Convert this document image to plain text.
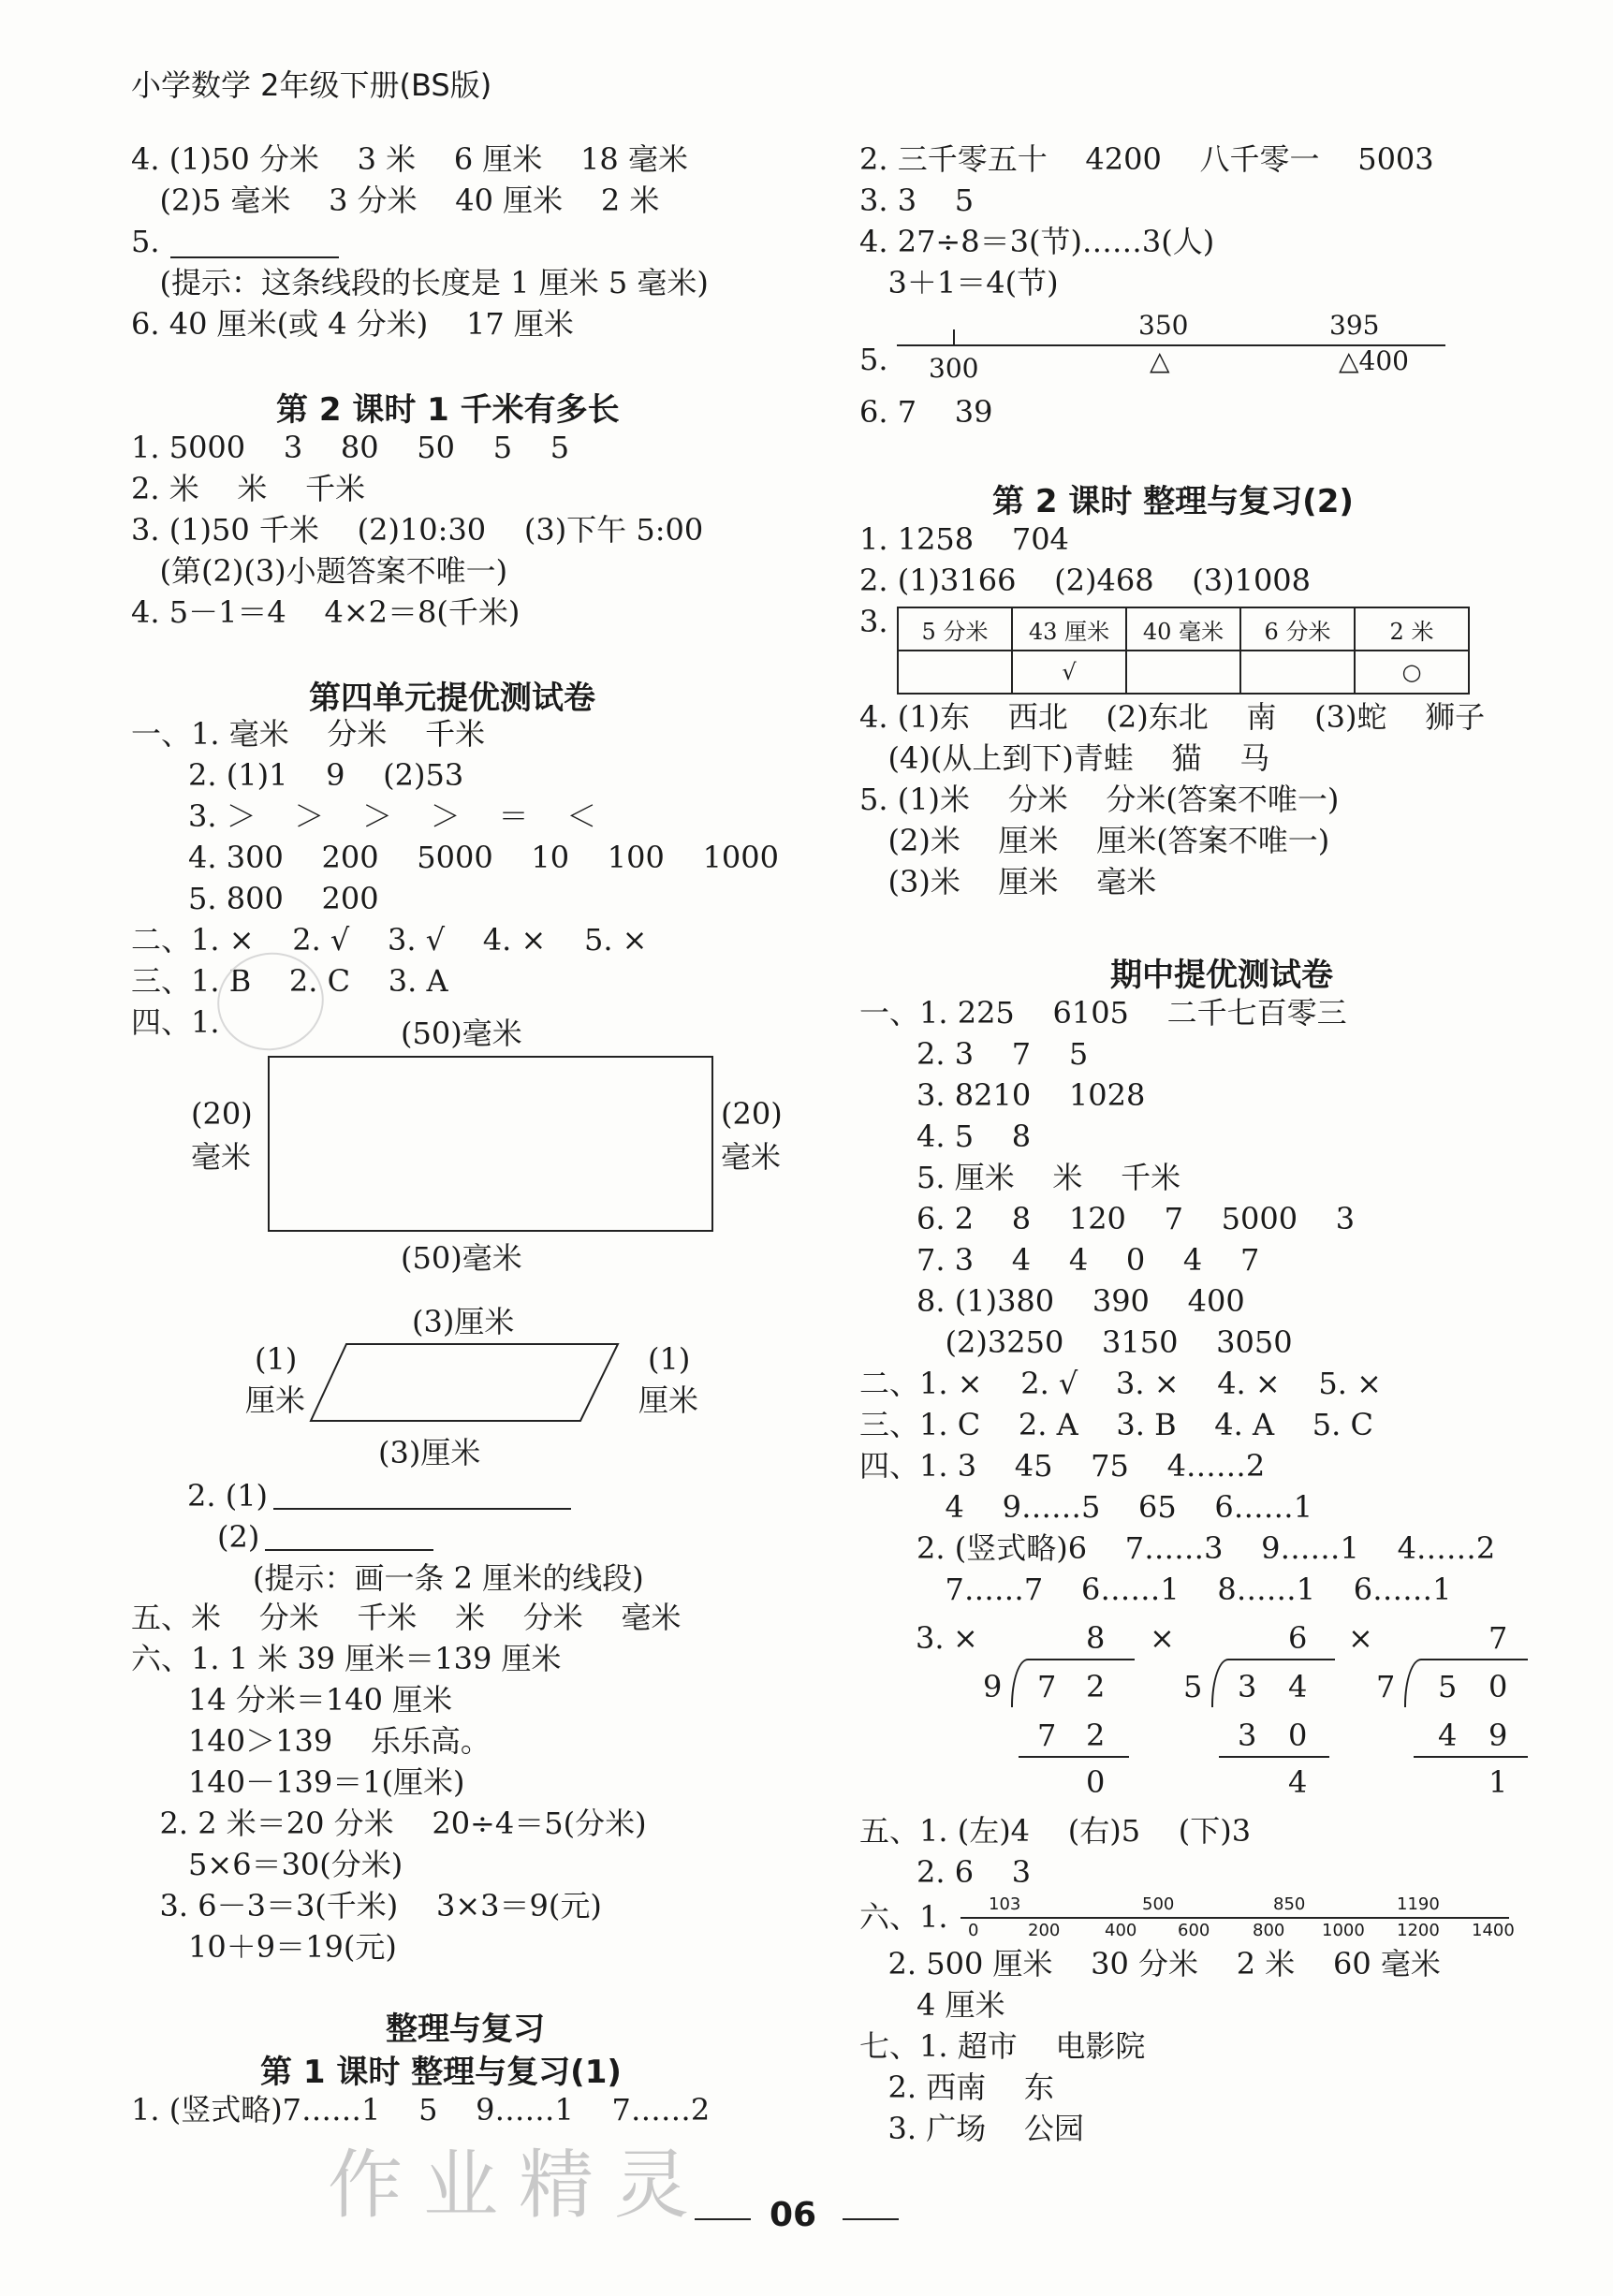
小学数学 2年级下册(BS版)
4. (1)50 分米    3 米    6 厘米    18 毫米
(2)5 毫米    3 分米    40 厘米    2 米
5.
(提示：这条线段的长度是 1 厘米 5 毫米)
6. 40 厘米(或 4 分米)    17 厘米
第 2 课时 1 千米有多长
1. 5000    3    80    50    5    5
2. 米    米    千米
3. (1)50 千米    (2)10:30    (3)下午 5:00
(第(2)(3)小题答案不唯一)
4. 5－1＝4    4×2＝8(千米)
第四单元提优测试卷
一、1. 毫米    分米    千米
2. (1)1    9    (2)53
3. ＞    ＞    ＞    ＞    ＝    ＜
4. 300    200    5000    10    100    1000
5. 800    200
二、1. ×    2. √    3. √    4. ×    5. ×
三、1. B    2. C    3. A
四、1.	(50)毫米
(20)
毫米
(20)
毫米
(50)毫米
(3)厘米
(1)
厘米
(1)
厘米
(3)厘米
2. (1)
(2)
(提示：画一条 2 厘米的线段)
五、米    分米    千米    米    分米    毫米
六、1. 1 米 39 厘米＝139 厘米
14 分米＝140 厘米
140＞139    乐乐高。
140－139＝1(厘米)
2. 2 米＝20 分米    20÷4＝5(分米)
5×6＝30(分米)
3. 6－3＝3(千米)    3×3＝9(元)
10＋9＝19(元)
整理与复习
第 1 课时 整理与复习(1)
1. (竖式略)7……1    5    9……1    7……2
2. 三千零五十    4200    八千零一    5003
3. 3    5
4. 27÷8＝3(节)……3(人)
3＋1＝4(节)
5. 300
350
△
395
△400
6. 7    39
第 2 课时 整理与复习(2)
1. 1258    704
2. (1)3166    (2)468    (3)1008
3. 5 分米	43 厘米	40 毫米	6 分米	2 米
	√			○
4. (1)东    西北    (2)东北    南    (3)蛇    狮子
(4)(从上到下)青蛙    猫    马
5. (1)米    分米    分米(答案不唯一)
(2)米    厘米    厘米(答案不唯一)
(3)米    厘米    毫米
期中提优测试卷
一、1. 225    6105    二千七百零三
2. 3    7    5
3. 8210    1028
4. 5    8
5. 厘米    米    千米
6. 2    8    120    7    5000    3
7. 3    4    4    0    4    7
8. (1)380    390    400
(2)3250    3150    3050
二、1. ×    2. √    3. ×    4. ×    5. ×
三、1. C    2. A    3. B    4. A    5. C
四、1. 3    45    75    4……2
4    9……5    65    6……1
2. (竖式略)6    7……3    9……1    4……2
7……7    6……1    8……1    6……1
3. ×	8
9 7 2
7 2
0
×	6
5 3 4
3 0
4
×	7
7 5 0
4 9
1
五、1. (左)4    (右)5    (下)3
2. 6    3
六、1. 103	500	850	1190
0	200	400 600	800 1000 1200 1400
2. 500 厘米    30 分米    2 米    60 毫米
4 厘米
七、1. 超市    电影院
2. 西南    东
3. 广场    公园
作业精灵 06
